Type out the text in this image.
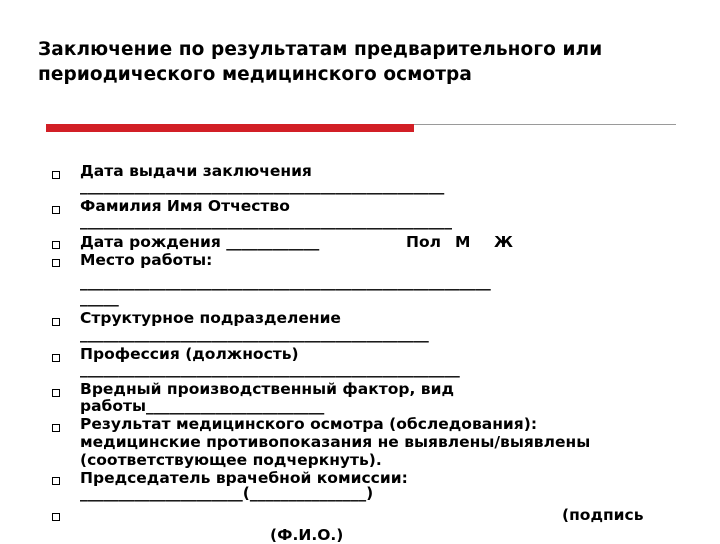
Заключение по результатам предварительного или
периодического медицинского осмотра
Дата выдачи заключения
_______________________________________________
Фамилия Имя Отчество
________________________________________________
Дата рождения ____________	Пол М Ж
Место работы:
_____________________________________________________
_____
Структурное подразделение
_____________________________________________
Профессия (должность)
_________________________________________________
Вредный производственный фактор, вид
работы_______________________
Результат медицинского осмотра (обследования):
медицинские противопоказания не выявлены/выявлены
(соответствующее подчеркнуть).
Председатель врачебной комиссии:
_____________________(_______________)
(подпись
(Ф.И.О.)
